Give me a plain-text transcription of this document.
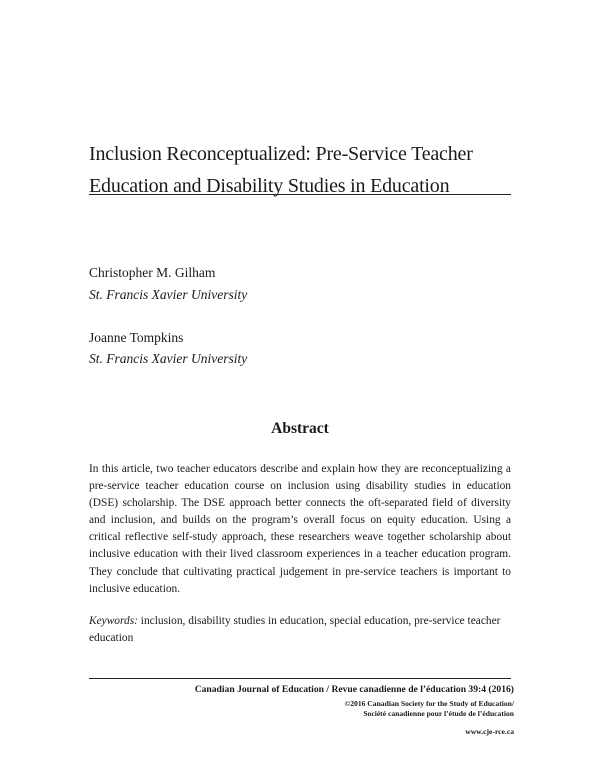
Inclusion Reconceptualized: Pre-Service Teacher
Education and Disability Studies in Education
Christopher M. Gilham
St. Francis Xavier University
Joanne Tompkins
St. Francis Xavier University
Abstract

In this article, two teacher educators describe and explain how they are reconceptualizing a pre-service teacher education course on inclusion using disability studies in education (DSE) scholarship. The DSE approach better connects the oft-separated field of diversity and inclusion, and builds on the program’s overall focus on equity education. Using a critical reflective self-study approach, these researchers weave together scholarship about inclusive education with their lived classroom experiences in a teacher education program. They conclude that cultivating practical judgement in pre-service teachers is important to inclusive education.

Keywords: inclusion, disability studies in education, special education, pre-service teacher education

Canadian Journal of Education / Revue canadienne de l’éducation 39:4 (2016)
©2016 Canadian Society for the Study of Education/
Société canadienne pour l’étude de l’éducation
www.cje-rce.ca
